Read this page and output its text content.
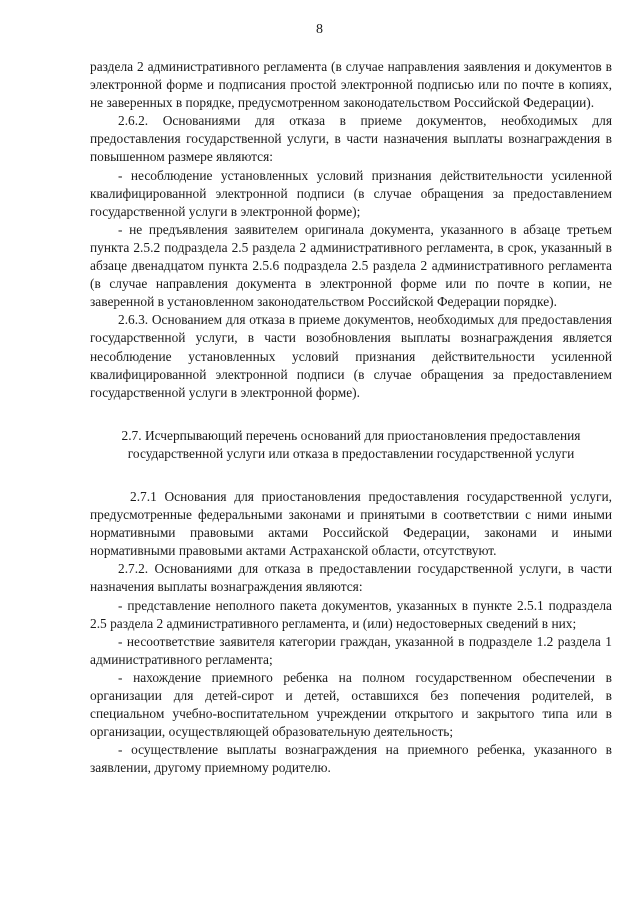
8

раздела 2 административного регламента (в случае направления заявления и документов в электронной форме и подписания простой электронной подписью или по почте в копиях, не заверенных в порядке, предусмотренном законодательством Российской Федерации).

2.6.2. Основаниями для отказа в приеме документов, необходимых для предоставления государственной услуги, в части назначения выплаты вознаграждения в повышенном размере являются:

- несоблюдение установленных условий признания действительности усиленной квалифицированной электронной подписи (в случае обращения за предоставлением государственной услуги в электронной форме);

- не предъявления заявителем оригинала документа, указанного в абзаце третьем пункта 2.5.2 подраздела 2.5 раздела 2 административного регламента, в срок, указанный в абзаце двенадцатом пункта 2.5.6 подраздела 2.5 раздела 2 административного регламента (в случае направления документа в электронной форме или по почте в копии, не заверенной в установленном законодательством Российской Федерации порядке).

2.6.3. Основанием для отказа в приеме документов, необходимых для предоставления государственной услуги, в части возобновления выплаты вознаграждения является несоблюдение установленных условий признания действительности усиленной квалифицированной электронной подписи (в случае обращения за предоставлением государственной услуги в электронной форме).

2.7. Исчерпывающий перечень оснований для приостановления предоставления
государственной услуги или отказа в предоставлении государственной услуги

2.7.1 Основания для приостановления предоставления государственной услуги, предусмотренные федеральными законами и принятыми в соответствии с ними иными нормативными правовыми актами Российской Федерации, законами и иными нормативными правовыми актами Астраханской области, отсутствуют.

2.7.2. Основаниями для отказа в предоставлении государственной услуги, в части назначения выплаты вознаграждения являются:

- представление неполного пакета документов, указанных в пункте 2.5.1 подраздела 2.5 раздела 2 административного регламента, и (или) недостоверных сведений в них;

- несоответствие заявителя категории граждан, указанной в подразделе 1.2 раздела 1 административного регламента;

- нахождение приемного ребенка на полном государственном обеспечении в организации для детей-сирот и детей, оставшихся без попечения родителей, в специальном учебно-воспитательном учреждении открытого и закрытого типа или в организации, осуществляющей образовательную деятельность;

- осуществление выплаты вознаграждения на приемного ребенка, указанного в заявлении, другому приемному родителю.
